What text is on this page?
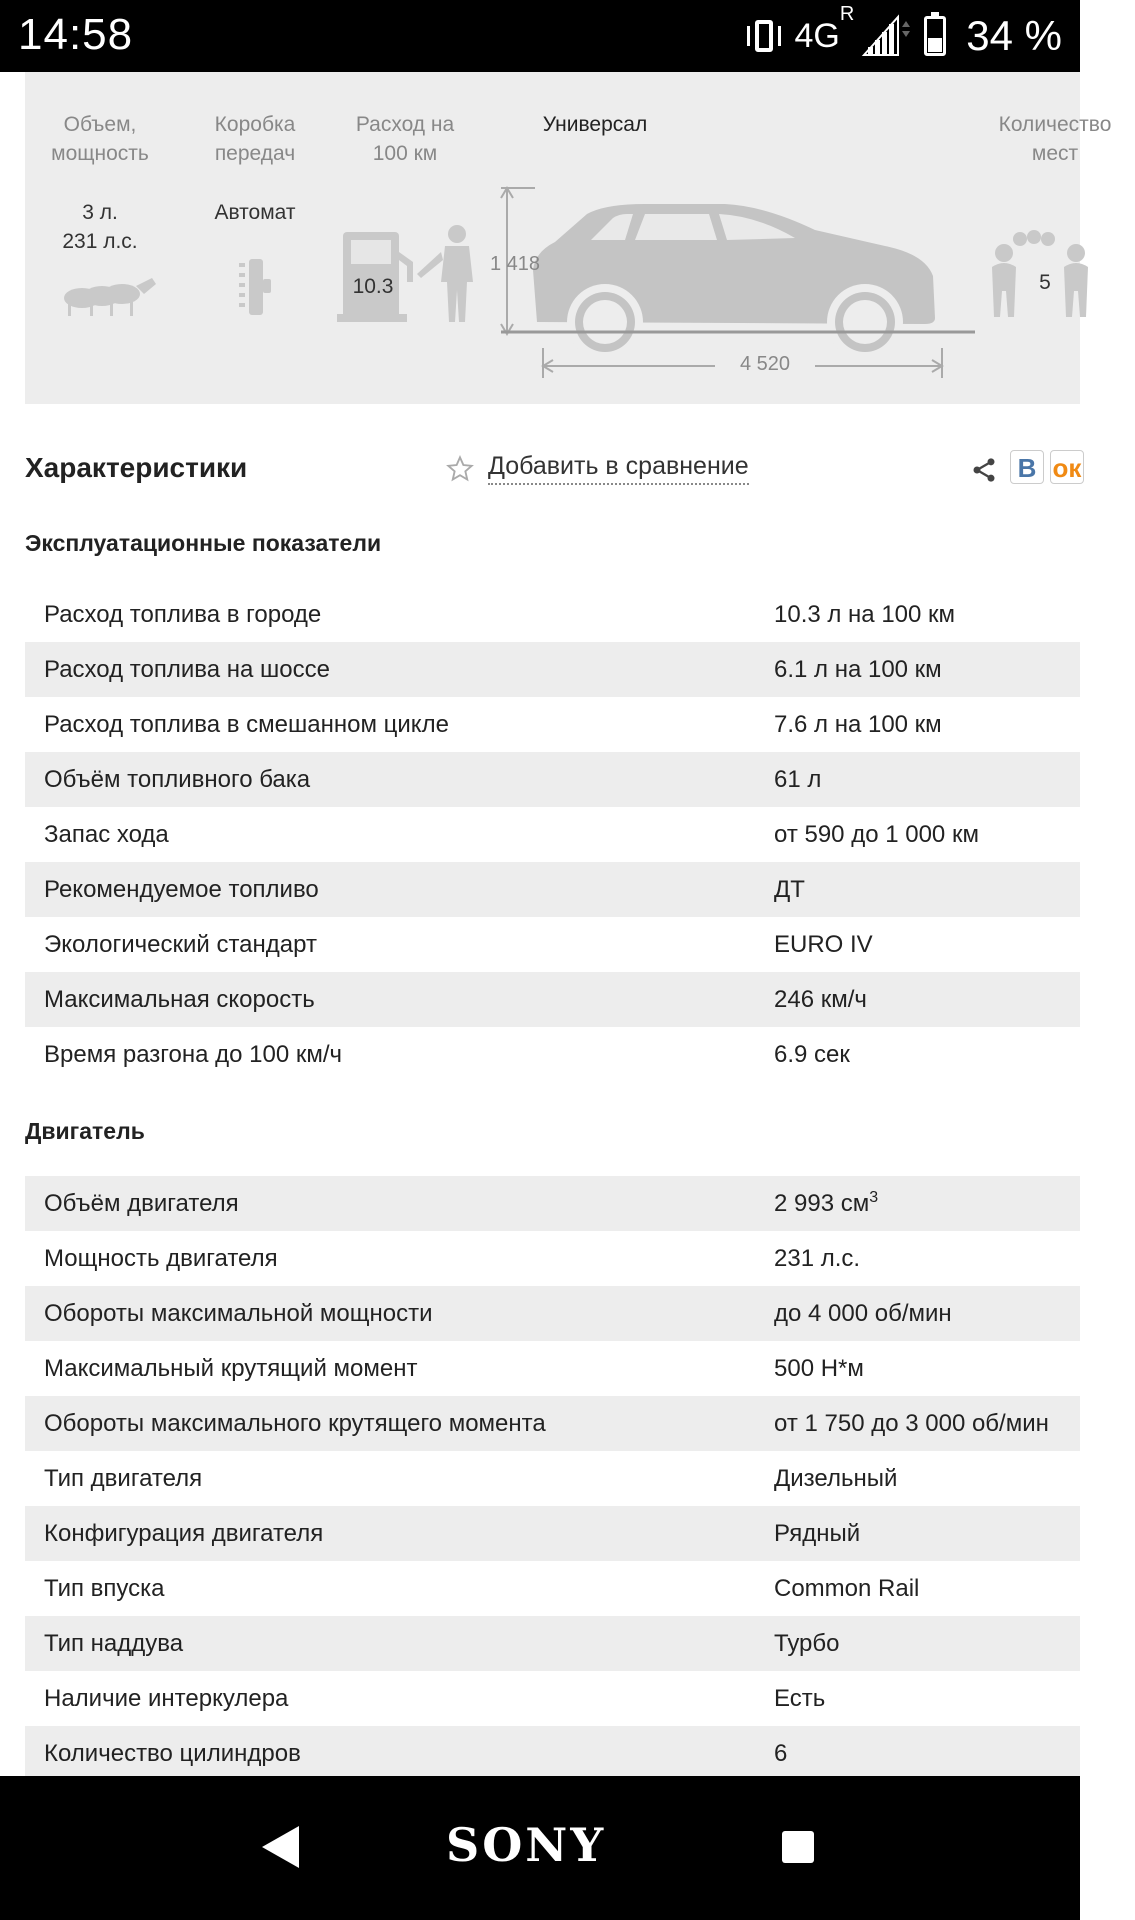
14:58	$4G^R$	34 %
Объем, мощность
3 л.
231 л.с.
Коробка передач
Автомат
Расход на 100 км
10.3
Универсал
1 418
4 520
Количество мест
5
Характеристики	Добавить в сравнение	В ок
Эксплуатационные показатели
Расход топлива в городе	10.3 л на 100 км
Расход топлива на шоссе	6.1 л на 100 км
Расход топлива в смешанном цикле	7.6 л на 100 км
Объём топливного бака	61 л
Запас хода	от 590 до 1 000 км
Рекомендуемое топливо	ДТ
Экологический стандарт	EURO IV
Максимальная скорость	246 км/ч
Время разгона до 100 км/ч	6.9 сек
Двигатель
Объём двигателя	2 993 $см^3$
Мощность двигателя	231 л.с.
Обороты максимальной мощности	до 4 000 об/мин
Максимальный крутящий момент	500 Н*м
Обороты максимального крутящего момента	от 1 750 до 3 000 об/мин
Тип двигателя	Дизельный
Конфигурация двигателя	Рядный
Тип впуска	Common Rail
Тип наддува	Турбо
Наличие интеркулера	Есть
Количество цилиндров	6
SONY
